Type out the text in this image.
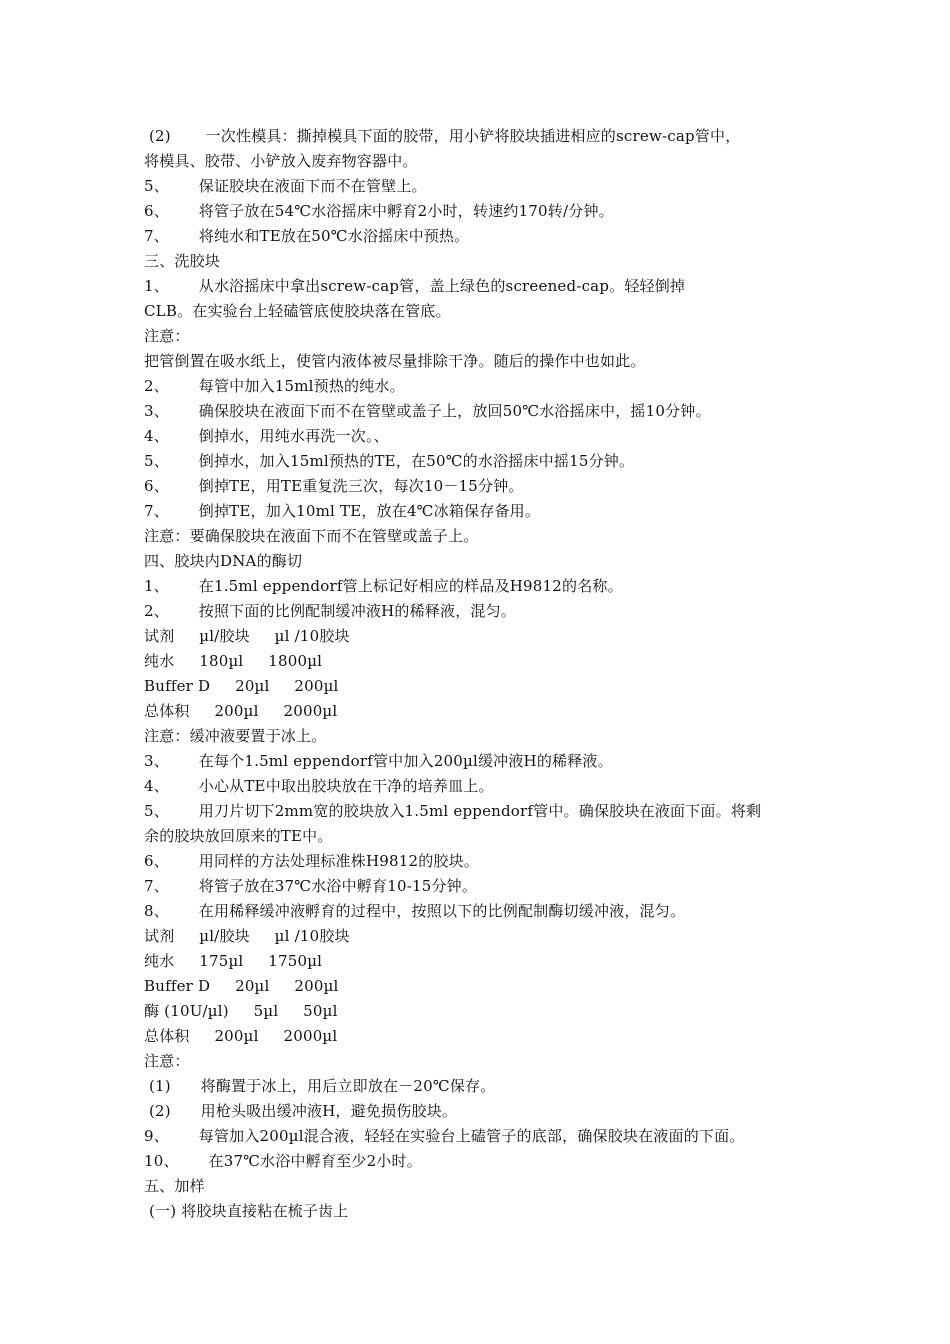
(2)       一次性模具：撕掉模具下面的胶带，用小铲将胶块插进相应的screw-cap管中，
将模具、胶带、小铲放入废弃物容器中。
5、      保证胶块在液面下而不在管壁上。
6、      将管子放在54℃水浴摇床中孵育2小时，转速约170转/分钟。
7、      将纯水和TE放在50℃水浴摇床中预热。
三、洗胶块
1、      从水浴摇床中拿出screw-cap管，盖上绿色的screened-cap。轻轻倒掉
CLB。在实验台上轻磕管底使胶块落在管底。
注意：
把管倒置在吸水纸上，使管内液体被尽量排除干净。随后的操作中也如此。
2、      每管中加入15ml预热的纯水。
3、      确保胶块在液面下而不在管壁或盖子上，放回50℃水浴摇床中，摇10分钟。
4、      倒掉水，用纯水再洗一次。、
5、      倒掉水，加入15ml预热的TE，在50℃的水浴摇床中摇15分钟。
6、      倒掉TE，用TE重复洗三次，每次10－15分钟。
7、      倒掉TE，加入10ml TE，放在4℃冰箱保存备用。
注意：要确保胶块在液面下而不在管壁或盖子上。
四、胶块内DNA的酶切
1、      在1.5ml eppendorf管上标记好相应的样品及H9812的名称。
2、      按照下面的比例配制缓冲液H的稀释液，混匀。
试剂     µl/胶块     µl /10胶块
纯水     180µl     1800µl
Buffer D     20µl     200µl
总体积     200µl     2000µl
注意：缓冲液要置于冰上。
3、      在每个1.5ml eppendorf管中加入200µl缓冲液H的稀释液。
4、      小心从TE中取出胶块放在干净的培养皿上。
5、      用刀片切下2mm宽的胶块放入1.5ml eppendorf管中。确保胶块在液面下面。将剩
余的胶块放回原来的TE中。
6、      用同样的方法处理标准株H9812的胶块。
7、      将管子放在37℃水浴中孵育10-15分钟。
8、      在用稀释缓冲液孵育的过程中，按照以下的比例配制酶切缓冲液，混匀。
试剂     µl/胶块     µl /10胶块
纯水     175µl     1750µl
Buffer D     20µl     200µl
酶 (10U/µl)     5µl     50µl
总体积     200µl     2000µl
注意：
(1)      将酶置于冰上，用后立即放在－20℃保存。
(2)      用枪头吸出缓冲液H，避免损伤胶块。
9、      每管加入200µl混合液，轻轻在实验台上磕管子的底部，确保胶块在液面的下面。
10、      在37℃水浴中孵育至少2小时。
五、加样
(一) 将胶块直接粘在梳子齿上
